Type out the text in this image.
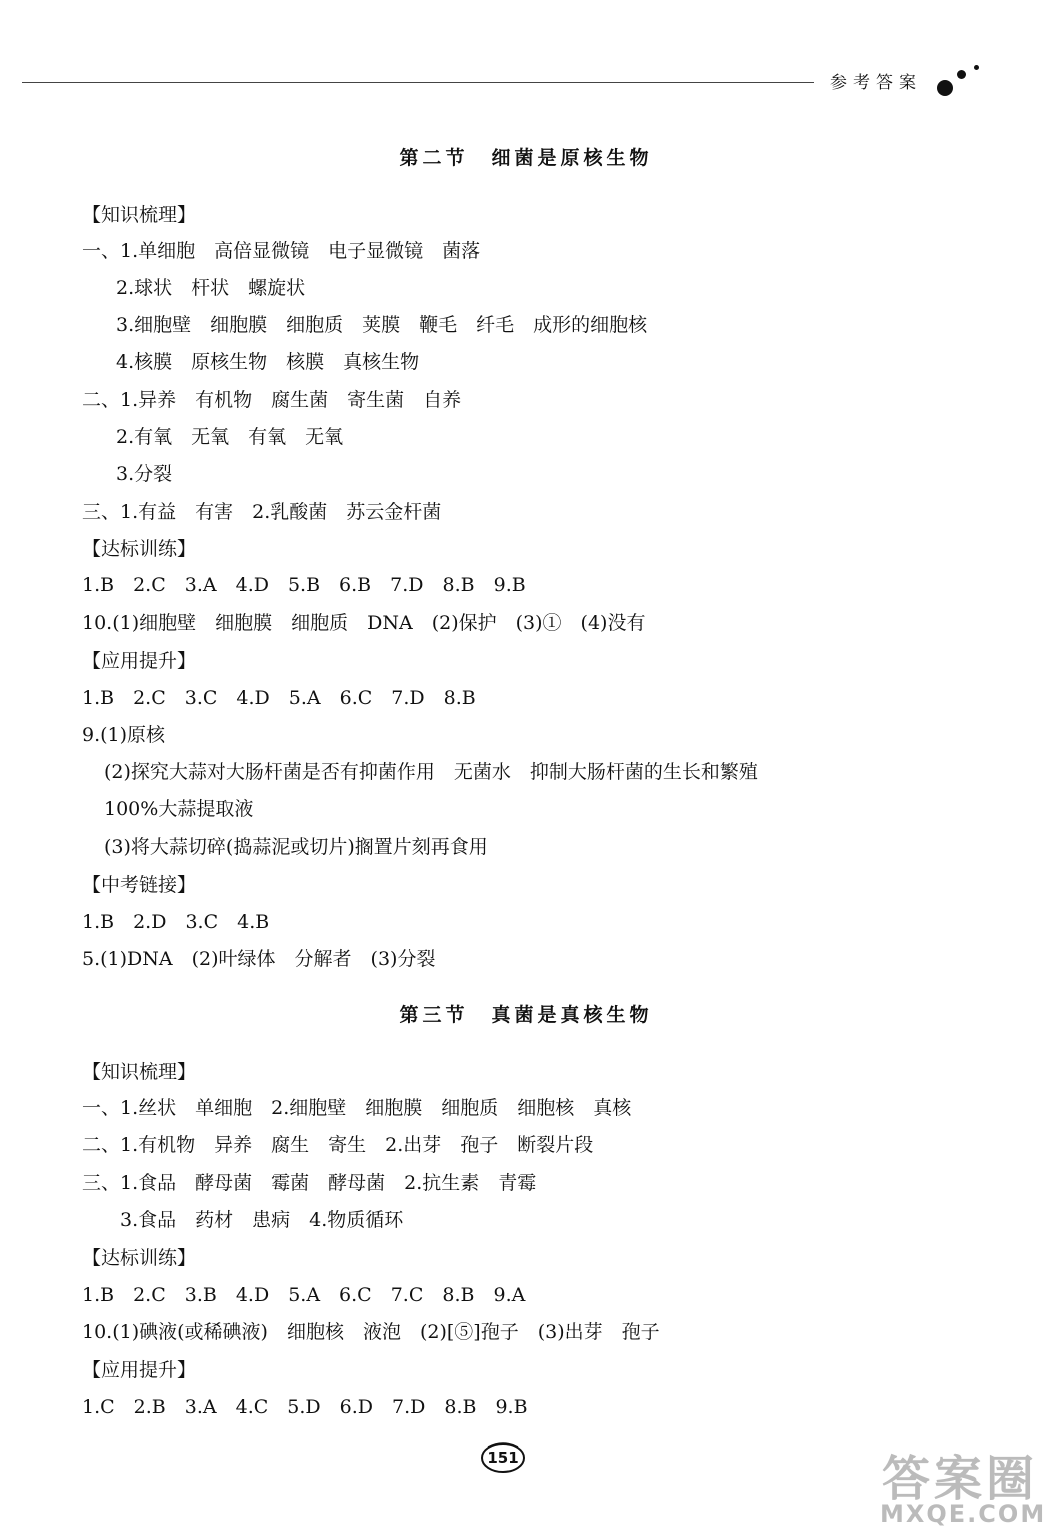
参考答案
第二节　细菌是原核生物
【知识梳理】
一、1.单细胞　高倍显微镜　电子显微镜　菌落
2.球状　杆状　螺旋状
3.细胞壁　细胞膜　细胞质　荚膜　鞭毛　纤毛　成形的细胞核
4.核膜　原核生物　核膜　真核生物
二、1.异养　有机物　腐生菌　寄生菌　自养
2.有氧　无氧　有氧　无氧
3.分裂
三、1.有益　有害　2.乳酸菌　苏云金杆菌
【达标训练】
1.B　2.C　3.A　4.D　5.B　6.B　7.D　8.B　9.B
10.(1)细胞壁　细胞膜　细胞质　DNA　(2)保护　(3)①　(4)没有
【应用提升】
1.B　2.C　3.C　4.D　5.A　6.C　7.D　8.B
9.(1)原核
(2)探究大蒜对大肠杆菌是否有抑菌作用　无菌水　抑制大肠杆菌的生长和繁殖
100%大蒜提取液
(3)将大蒜切碎(捣蒜泥或切片)搁置片刻再食用
【中考链接】
1.B　2.D　3.C　4.B
5.(1)DNA　(2)叶绿体　分解者　(3)分裂
第三节　真菌是真核生物
【知识梳理】
一、1.丝状　单细胞　2.细胞壁　细胞膜　细胞质　细胞核　真核
二、1.有机物　异养　腐生　寄生　2.出芽　孢子　断裂片段
三、1.食品　酵母菌　霉菌　酵母菌　2.抗生素　青霉
3.食品　药材　患病　4.物质循环
【达标训练】
1.B　2.C　3.B　4.D　5.A　6.C　7.C　8.B　9.A
10.(1)碘液(或稀碘液)　细胞核　液泡　(2)[⑤]孢子　(3)出芽　孢子
【应用提升】
1.C　2.B　3.A　4.C　5.D　6.D　7.D　8.B　9.B
151	答案圈
MXQE.COM
